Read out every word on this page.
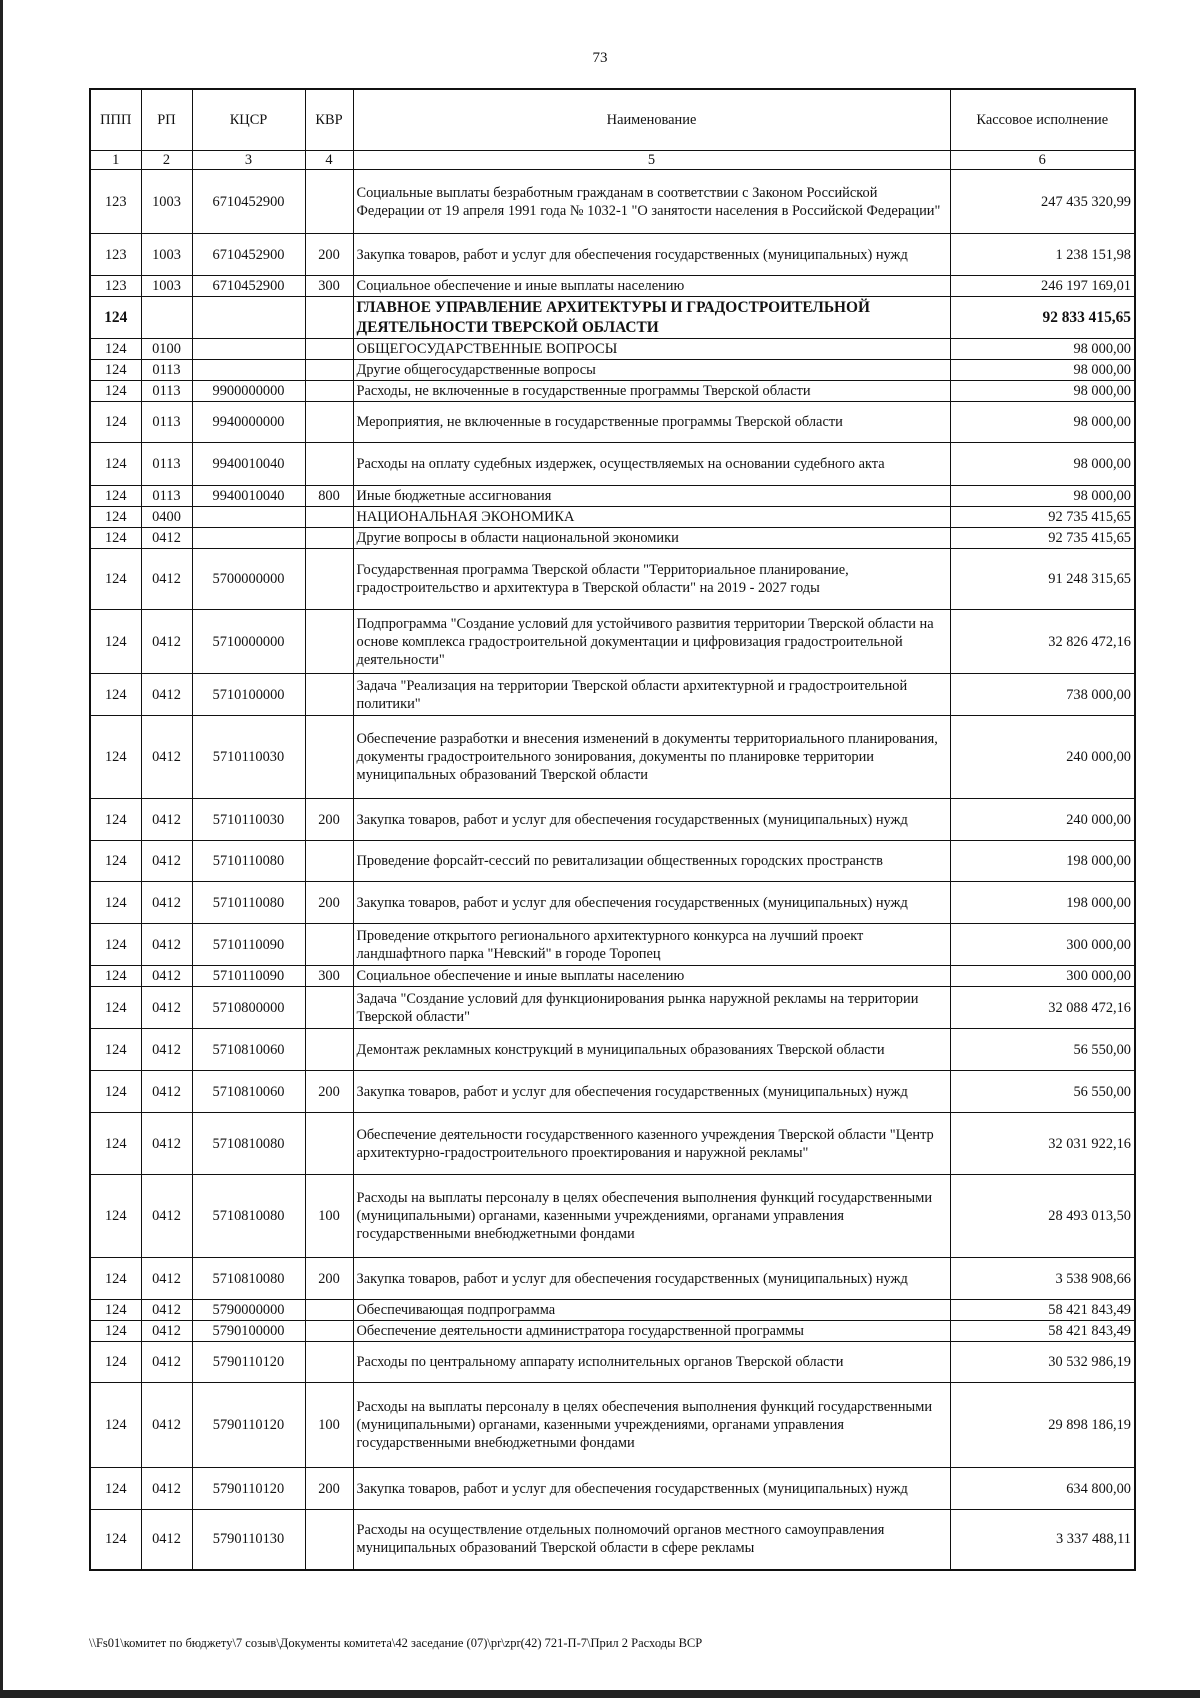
73
ППП	РП	КЦСР	КВР	Наименование	Кассовое исполнение
1	2	3	4	5	6
123	1003	6710452900		Социальные выплаты безработным гражданам в соответствии с Законом Российской Федерации от 19 апреля 1991 года № 1032-1 "О занятости населения в Российской Федерации"	247 435 320,99
123	1003	6710452900	200	Закупка товаров, работ и услуг для обеспечения государственных (муниципальных) нужд	1 238 151,98
123	1003	6710452900	300	Социальное обеспечение и иные выплаты населению	246 197 169,01
124				ГЛАВНОЕ УПРАВЛЕНИЕ АРХИТЕКТУРЫ И ГРАДОСТРОИТЕЛЬНОЙ ДЕЯТЕЛЬНОСТИ ТВЕРСКОЙ ОБЛАСТИ	92 833 415,65
124	0100			ОБЩЕГОСУДАРСТВЕННЫЕ ВОПРОСЫ	98 000,00
124	0113			Другие общегосударственные вопросы	98 000,00
124	0113	9900000000		Расходы, не включенные в государственные программы Тверской области	98 000,00
124	0113	9940000000		Мероприятия, не включенные в государственные программы Тверской области	98 000,00
124	0113	9940010040		Расходы на оплату судебных издержек, осуществляемых на основании судебного акта	98 000,00
124	0113	9940010040	800	Иные бюджетные ассигнования	98 000,00
124	0400			НАЦИОНАЛЬНАЯ ЭКОНОМИКА	92 735 415,65
124	0412			Другие вопросы в области национальной экономики	92 735 415,65
124	0412	5700000000		Государственная программа Тверской области "Территориальное планирование, градостроительство и архитектура в Тверской области" на 2019 - 2027 годы	91 248 315,65
124	0412	5710000000		Подпрограмма "Создание условий для устойчивого развития территории Тверской области на основе комплекса градостроительной документации и цифровизация градостроительной деятельности"	32 826 472,16
124	0412	5710100000		Задача "Реализация на территории Тверской области архитектурной и градостроительной политики"	738 000,00
124	0412	5710110030		Обеспечение разработки и внесения изменений в документы территориального планирования, документы градостроительного зонирования, документы по планировке территории муниципальных образований Тверской области	240 000,00
124	0412	5710110030	200	Закупка товаров, работ и услуг для обеспечения государственных (муниципальных) нужд	240 000,00
124	0412	5710110080		Проведение форсайт-сессий по ревитализации общественных городских пространств	198 000,00
124	0412	5710110080	200	Закупка товаров, работ и услуг для обеспечения государственных (муниципальных) нужд	198 000,00
124	0412	5710110090		Проведение открытого регионального архитектурного конкурса на лучший проект ландшафтного парка "Невский" в городе Торопец	300 000,00
124	0412	5710110090	300	Социальное обеспечение и иные выплаты населению	300 000,00
124	0412	5710800000		Задача "Создание условий для функционирования рынка наружной рекламы на территории Тверской области"	32 088 472,16
124	0412	5710810060		Демонтаж рекламных конструкций в муниципальных образованиях Тверской области	56 550,00
124	0412	5710810060	200	Закупка товаров, работ и услуг для обеспечения государственных (муниципальных) нужд	56 550,00
124	0412	5710810080		Обеспечение деятельности государственного казенного учреждения Тверской области "Центр архитектурно-градостроительного проектирования и наружной рекламы"	32 031 922,16
124	0412	5710810080	100	Расходы на выплаты персоналу в целях обеспечения выполнения функций государственными (муниципальными) органами, казенными учреждениями, органами управления государственными внебюджетными фондами	28 493 013,50
124	0412	5710810080	200	Закупка товаров, работ и услуг для обеспечения государственных (муниципальных) нужд	3 538 908,66
124	0412	5790000000		Обеспечивающая подпрограмма	58 421 843,49
124	0412	5790100000		Обеспечение деятельности администратора государственной программы	58 421 843,49
124	0412	5790110120		Расходы по центральному аппарату исполнительных органов Тверской области	30 532 986,19
124	0412	5790110120	100	Расходы на выплаты персоналу в целях обеспечения выполнения функций государственными (муниципальными) органами, казенными учреждениями, органами управления государственными внебюджетными фондами	29 898 186,19
124	0412	5790110120	200	Закупка товаров, работ и услуг для обеспечения государственных (муниципальных) нужд	634 800,00
124	0412	5790110130		Расходы на осуществление отдельных полномочий органов местного самоуправления муниципальных образований Тверской области в сфере рекламы	3 337 488,11
\\Fs01\комитет по бюджету\7 созыв\Документы комитета\42 заседание (07)\pr\zpr(42) 721-П-7\Прил 2 Расходы ВСР
